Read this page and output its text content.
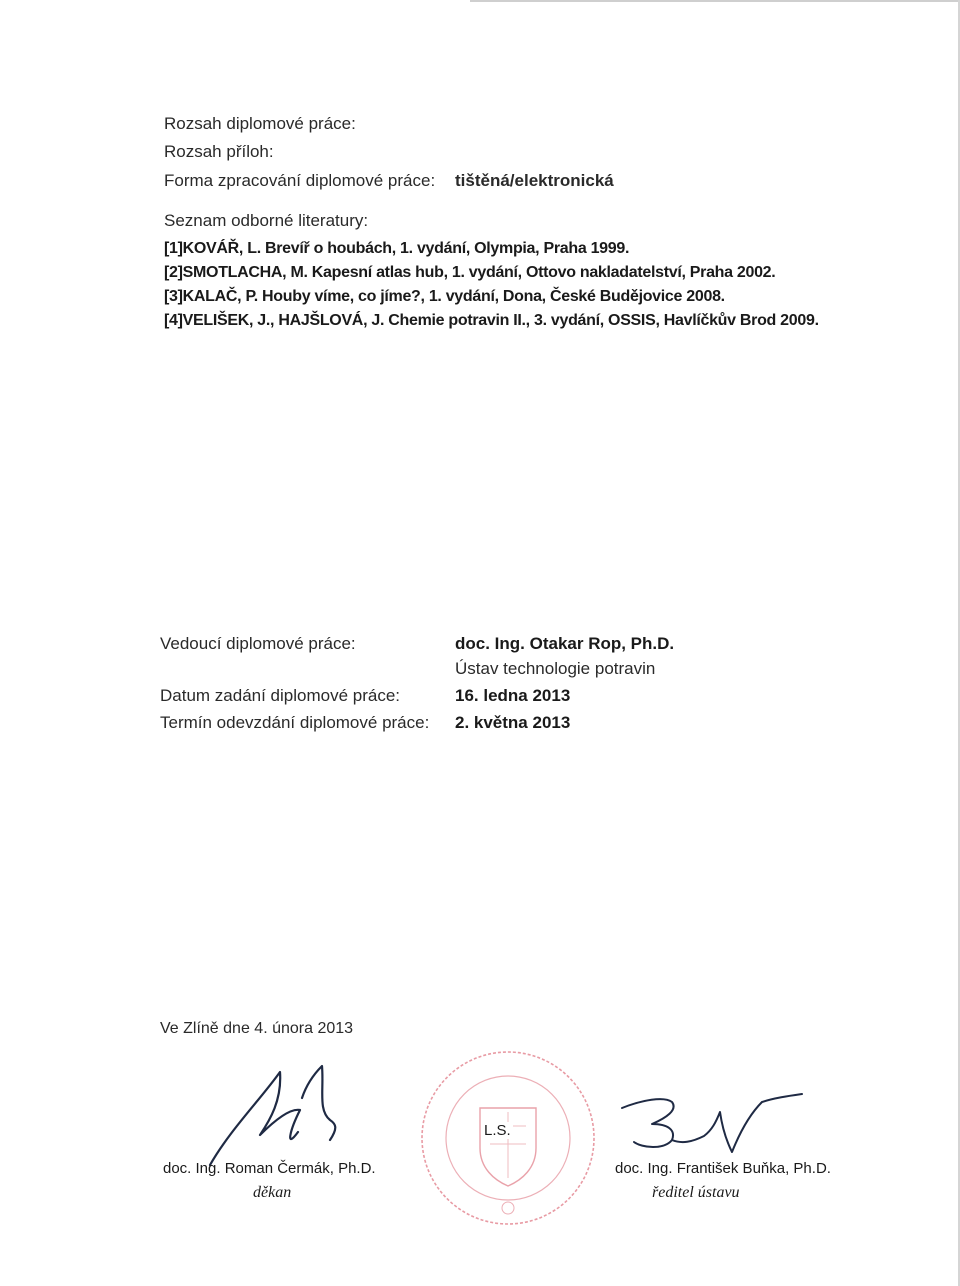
Rozsah diplomové práce:
Rozsah příloh:
Forma zpracování diplomové práce: tištěná/elektronická
Seznam odborné literatury:
[1]KOVÁŘ, L. Brevíř o houbách, 1. vydání, Olympia, Praha 1999.
[2]SMOTLACHA, M. Kapesní atlas hub, 1. vydání, Ottovo nakladatelství, Praha 2002.
[3]KALAČ, P. Houby víme, co jíme?, 1. vydání, Dona, České Budějovice 2008.
[4]VELIŠEK, J., HAJŠLOVÁ, J. Chemie potravin II., 3. vydání, OSSIS, Havlíčkův Brod 2009.
Vedoucí diplomové práce:	doc. Ing. Otakar Rop, Ph.D.
Ústav technologie potravin
Datum zadání diplomové práce:	16. ledna 2013
Termín odevzdání diplomové práce: 2. května 2013
Ve Zlíně dne 4. února 2013
doc. Ing. Roman Čermák, Ph.D.
děkan
L.S.
doc. Ing. František Buňka, Ph.D.
ředitel ústavu
